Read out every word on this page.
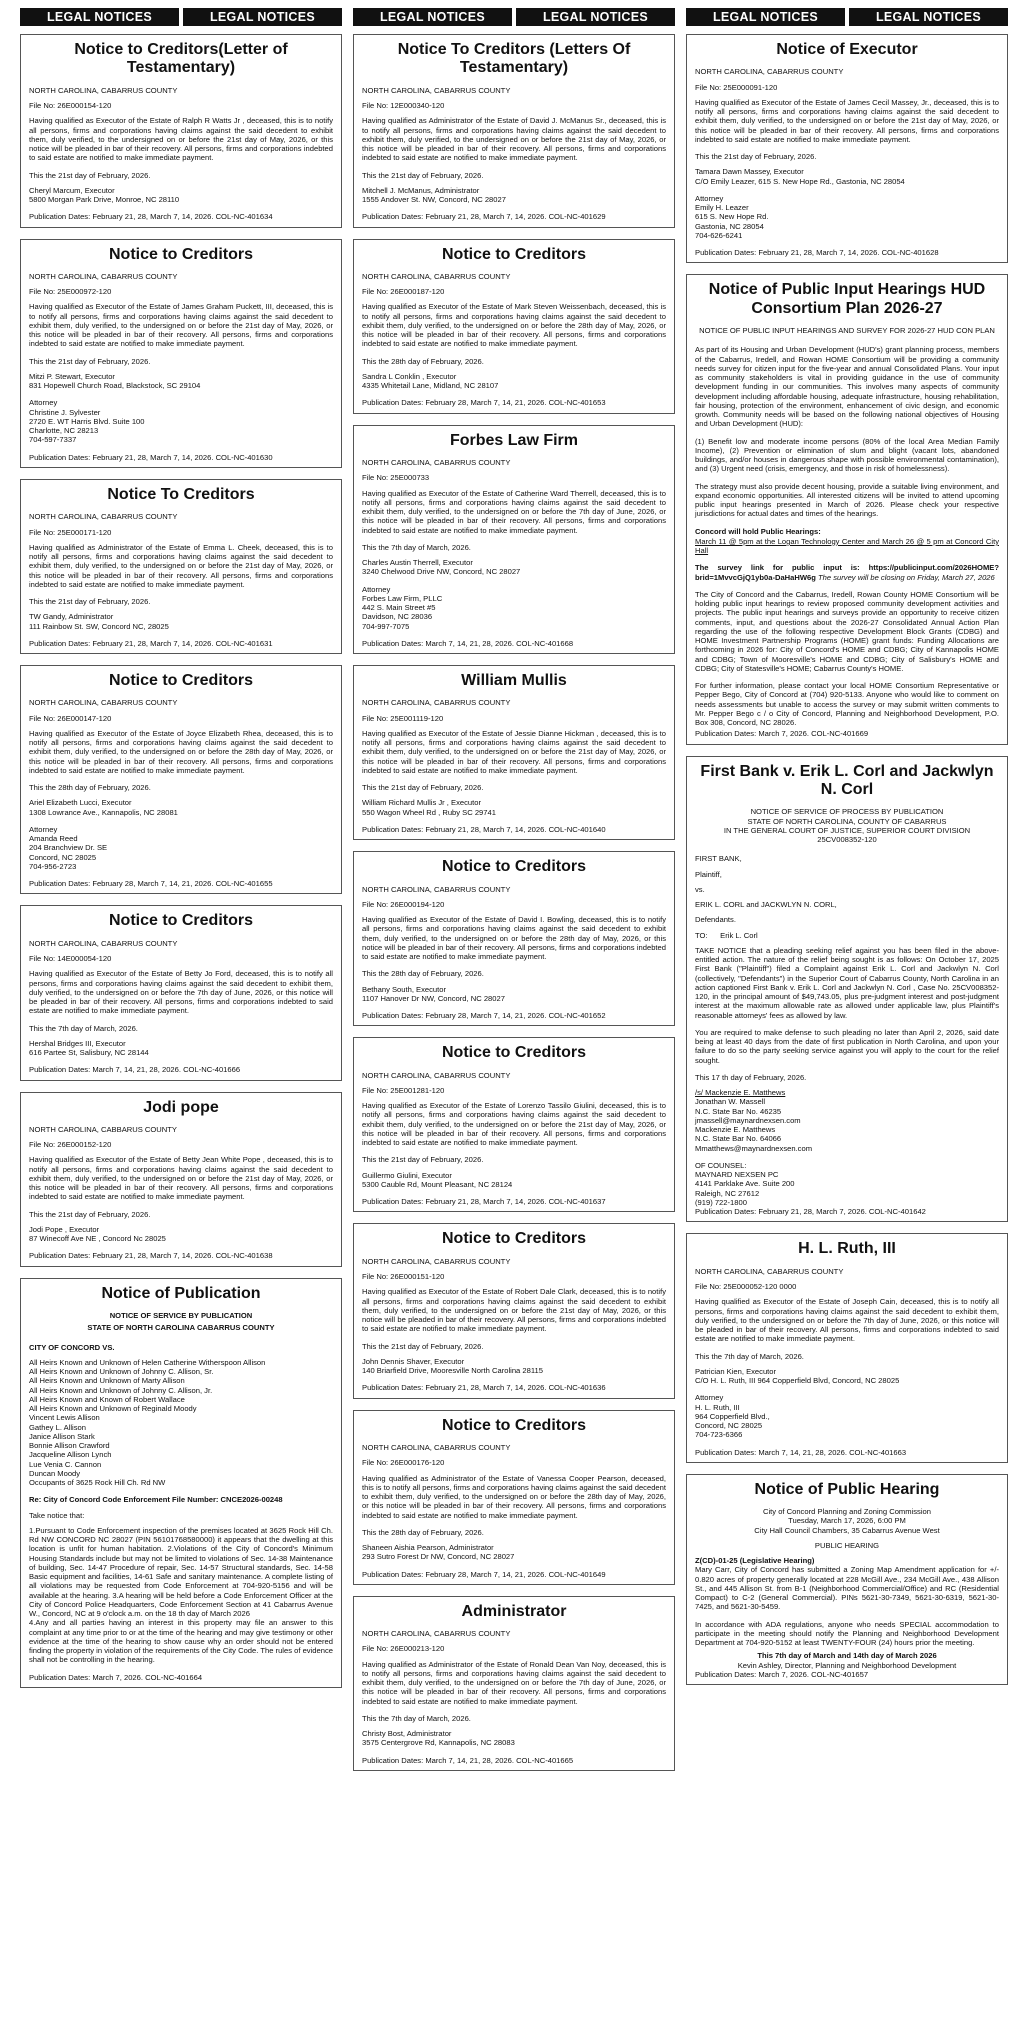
LEGAL NOTICES	LEGAL NOTICES
Notice to Creditors(Letter of Testamentary)

NORTH CAROLINA, CABARRUS COUNTY

File No: 26E000154-120

Having qualified as Executor of the Estate of Ralph R Watts Jr , deceased, this is to notify all persons, firms and corporations having claims against the said decedent to exhibit them, duly verified, to the undersigned on or before the 21st day of May, 2026, or this notice will be pleaded in bar of their recovery. All persons, firms and corporations indebted to said estate are notified to make immediate payment.

This the 21st day of February, 2026.

Cheryl Marcum, Executor
5800 Morgan Park Drive, Monroe, NC 28110

Publication Dates: February 21, 28, March 7, 14, 2026. COL-NC-401634

Notice to Creditors

NORTH CAROLINA, CABARRUS COUNTY

File No: 25E000972-120

Having qualified as Executor of the Estate of James Graham Puckett, III, deceased, this is to notify all persons, firms and corporations having claims against the said decedent to exhibit them, duly verified, to the undersigned on or before the 21st day of May, 2026, or this notice will be pleaded in bar of their recovery. All persons, firms and corporations indebted to said estate are notified to make immediate payment.

This the 21st day of February, 2026.

Mitzi P. Stewart, Executor
831 Hopewell Church Road, Blackstock, SC 29104
Attorney
Christine J. Sylvester
2720 E. WT Harris Blvd. Suite 100
Charlotte, NC 28213
704-597-7337

Publication Dates: February 21, 28, March 7, 14, 2026. COL-NC-401630

Notice To Creditors

NORTH CAROLINA, CABARRUS COUNTY

File No: 25E000171-120

Having qualified as Administrator of the Estate of Emma L. Cheek, deceased, this is to notify all persons, firms and corporations having claims against the said decedent to exhibit them, duly verified, to the undersigned on or before the 21st day of May, 2026, or this notice will be pleaded in bar of their recovery. All persons, firms and corporations indebted to said estate are notified to make immediate payment.

This the 21st day of February, 2026.

TW Gandy, Administrator
111 Rainbow St. SW, Concord NC, 28025

Publication Dates: February 21, 28, March 7, 14, 2026. COL-NC-401631

Notice to Creditors

NORTH CAROLINA, CABARRUS COUNTY

File No: 26E000147-120

Having qualified as Executor of the Estate of Joyce Elizabeth Rhea, deceased, this is to notify all persons, firms and corporations having claims against the said decedent to exhibit them, duly verified, to the undersigned on or before the 28th day of May, 2026, or this notice will be pleaded in bar of their recovery. All persons, firms and corporations indebted to said estate are notified to make immediate payment.

This the 28th day of February, 2026.

Ariel Elizabeth Lucci, Executor
1308 Lowrance Ave., Kannapolis, NC 28081
Attorney
Amanda Reed
204 Branchview Dr. SE
Concord, NC 28025
704-956-2723

Publication Dates: February 28, March 7, 14, 21, 2026. COL-NC-401655

Notice to Creditors

NORTH CAROLINA, CABARRUS COUNTY

File No: 14E000054-120

Having qualified as Executor of the Estate of Betty Jo Ford, deceased, this is to notify all persons, firms and corporations having claims against the said decedent to exhibit them, duly verified, to the undersigned on or before the 7th day of June, 2026, or this notice will be pleaded in bar of their recovery. All persons, firms and corporations indebted to said estate are notified to make immediate payment.

This the 7th day of March, 2026.

Hershal Bridges III, Executor
616 Partee St, Salisbury, NC 28144

Publication Dates: March 7, 14, 21, 28, 2026. COL-NC-401666

Jodi pope

NORTH CAROLINA, CABBARUS COUNTY

File No: 26E000152-120

Having qualified as Executor of the Estate of Betty Jean White Pope , deceased, this is to notify all persons, firms and corporations having claims against the said decedent to exhibit them, duly verified, to the undersigned on or before the 21st day of May, 2026, or this notice will be pleaded in bar of their recovery. All persons, firms and corporations indebted to said estate are notified to make immediate payment.

This the 21st day of February, 2026.

Jodi Pope , Executor
87 Winecoff Ave NE , Concord Nc 28025

Publication Dates: February 21, 28, March 7, 14, 2026. COL-NC-401638

Notice of Publication

NOTICE OF SERVICE BY PUBLICATION

STATE OF NORTH CAROLINA CABARRUS COUNTY

CITY OF CONCORD VS.

All Heirs Known and Unknown of Helen Catherine Witherspoon Allison
All Heirs Known and Unknown of Johnny C. Allison, Sr.
All Heirs Known and Unknown of Marty Allison
All Heirs Known and Unknown of Johnny C. Allison, Jr.
All Heirs Known and Known of Robert Wallace
All Heirs Known and Unknown of Reginald Moody
Vincent Lewis Allison
Gathey L. Allison
Janice Allison Stark
Bonnie Allison Crawford
Jacqueline Allison Lynch
Lue Venia C. Cannon
Duncan Moody
Occupants of 3625 Rock Hill Ch. Rd NW

Re: City of Concord Code Enforcement File Number: CNCE2026-00248

Take notice that:

1.Pursuant to Code Enforcement inspection of the premises located at 3625 Rock Hill Ch. Rd NW CONCORD NC 28027 (PIN 56101768580000) it appears that the dwelling at this location is unfit for human habitation. 2.Violations of the City of Concord's Minimum Housing Standards include but may not be limited to violations of Sec. 14-38 Maintenance of building, Sec. 14-47 Procedure of repair, Sec. 14-57 Structural standards, Sec. 14-58 Basic equipment and facilities, 14-61 Safe and sanitary maintenance. A complete listing of all violations may be requested from Code Enforcement at 704-920-5156 and will be available at the hearing. 3.A hearing will be held before a Code Enforcement Officer at the City of Concord Police Headquarters, Code Enforcement Section at 41 Cabarrus Avenue W., Concord, NC at 9 o'clock a.m. on the 18 th day of March 2026
4.Any and all parties having an interest in this property may file an answer to this complaint at any time prior to or at the time of the hearing and may give testimony or other evidence at the time of the hearing to show cause why an order should not be entered finding the property in violation of the requirements of the City Code. The rules of evidence shall not be controlling in the hearing.

Publication Dates: March 7, 2026. COL-NC-401664

LEGAL NOTICES	LEGAL NOTICES
Notice To Creditors (Letters Of Testamentary)

NORTH CAROLINA, CABARRUS COUNTY

File No: 12E000340-120

Having qualified as Administrator of the Estate of David J. McManus Sr., deceased, this is to notify all persons, firms and corporations having claims against the said decedent to exhibit them, duly verified, to the undersigned on or before the 21st day of May, 2026, or this notice will be pleaded in bar of their recovery. All persons, firms and corporations indebted to said estate are notified to make immediate payment.

This the 21st day of February, 2026.

Mitchell J. McManus, Administrator
1555 Andover St. NW, Concord, NC 28027

Publication Dates: February 21, 28, March 7, 14, 2026. COL-NC-401629

Notice to Creditors

NORTH CAROLINA, CABARRUS COUNTY

File No: 26E000187-120

Having qualified as Executor of the Estate of Mark Steven Weissenbach, deceased, this is to notify all persons, firms and corporations having claims against the said decedent to exhibit them, duly verified, to the undersigned on or before the 28th day of May, 2026, or this notice will be pleaded in bar of their recovery. All persons, firms and corporations indebted to said estate are notified to make immediate payment.

This the 28th day of February, 2026.

Sandra L Conklin , Executor
4335 Whitetail Lane, Midland, NC 28107

Publication Dates: February 28, March 7, 14, 21, 2026. COL-NC-401653

Forbes Law Firm

NORTH CAROLINA, CABARRUS COUNTY

File No: 25E000733

Having qualified as Executor of the Estate of Catherine Ward Therrell, deceased, this is to notify all persons, firms and corporations having claims against the said decedent to exhibit them, duly verified, to the undersigned on or before the 7th day of June, 2026, or this notice will be pleaded in bar of their recovery. All persons, firms and corporations indebted to said estate are notified to make immediate payment.

This the 7th day of March, 2026.

Charles Austin Therrell, Executor
3240 Chelwood Drive NW, Concord, NC 28027
Attorney
Forbes Law Firm, PLLC
442 S. Main Street #5
Davidson, NC 28036
704-997-7075

Publication Dates: March 7, 14, 21, 28, 2026. COL-NC-401668

William Mullis

NORTH CAROLINA, CABARRUS COUNTY

File No: 25E001119-120

Having qualified as Executor of the Estate of Jessie Dianne Hickman , deceased, this is to notify all persons, firms and corporations having claims against the said decedent to exhibit them, duly verified, to the undersigned on or before the 21st day of May, 2026, or this notice will be pleaded in bar of their recovery. All persons, firms and corporations indebted to said estate are notified to make immediate payment.

This the 21st day of February, 2026.

William Richard Mullis Jr , Executor
550 Wagon Wheel Rd , Ruby SC 29741

Publication Dates: February 21, 28, March 7, 14, 2026. COL-NC-401640

Notice to Creditors

NORTH CAROLINA, CABARRUS COUNTY

File No: 26E000194-120

Having qualified as Executor of the Estate of David I. Bowling, deceased, this is to notify all persons, firms and corporations having claims against the said decedent to exhibit them, duly verified, to the undersigned on or before the 28th day of May, 2026, or this notice will be pleaded in bar of their recovery. All persons, firms and corporations indebted to said estate are notified to make immediate payment.

This the 28th day of February, 2026.

Bethany South, Executor
1107 Hanover Dr NW, Concord, NC 28027

Publication Dates: February 28, March 7, 14, 21, 2026. COL-NC-401652

Notice to Creditors

NORTH CAROLINA, CABARRUS COUNTY

File No: 25E001281-120

Having qualified as Executor of the Estate of Lorenzo Tassilo Giulini, deceased, this is to notify all persons, firms and corporations having claims against the said decedent to exhibit them, duly verified, to the undersigned on or before the 21st day of May, 2026, or this notice will be pleaded in bar of their recovery. All persons, firms and corporations indebted to said estate are notified to make immediate payment.

This the 21st day of February, 2026.

Guillermo Giulini, Executor
5300 Cauble Rd, Mount Pleasant, NC 28124

Publication Dates: February 21, 28, March 7, 14, 2026. COL-NC-401637

Notice to Creditors

NORTH CAROLINA, CABARRUS COUNTY

File No: 26E000151-120

Having qualified as Executor of the Estate of Robert Dale Clark, deceased, this is to notify all persons, firms and corporations having claims against the said decedent to exhibit them, duly verified, to the undersigned on or before the 21st day of May, 2026, or this notice will be pleaded in bar of their recovery. All persons, firms and corporations indebted to said estate are notified to make immediate payment.

This the 21st day of February, 2026.

John Dennis Shaver, Executor
140 Briarfield Drive, Mooresville North Carolina 28115

Publication Dates: February 21, 28, March 7, 14, 2026. COL-NC-401636

Notice to Creditors

NORTH CAROLINA, CABARRUS COUNTY

File No: 26E000176-120

Having qualified as Administrator of the Estate of Vanessa Cooper Pearson, deceased, this is to notify all persons, firms and corporations having claims against the said decedent to exhibit them, duly verified, to the undersigned on or before the 28th day of May, 2026, or this notice will be pleaded in bar of their recovery. All persons, firms and corporations indebted to said estate are notified to make immediate payment.

This the 28th day of February, 2026.

Shaneen Aishia Pearson, Administrator
293 Sutro Forest Dr NW, Concord, NC 28027

Publication Dates: February 28, March 7, 14, 21, 2026. COL-NC-401649

Administrator

NORTH CAROLINA, CABARRUS COUNTY

File No: 26E000213-120

Having qualified as Administrator of the Estate of Ronald Dean Van Noy, deceased, this is to notify all persons, firms and corporations having claims against the said decedent to exhibit them, duly verified, to the undersigned on or before the 7th day of June, 2026, or this notice will be pleaded in bar of their recovery. All persons, firms and corporations indebted to said estate are notified to make immediate payment.

This the 7th day of March, 2026.

Christy Bost, Administrator
3575 Centergrove Rd, Kannapolis, NC 28083

Publication Dates: March 7, 14, 21, 28, 2026. COL-NC-401665

LEGAL NOTICES	LEGAL NOTICES
Notice of Executor

NORTH CAROLINA, CABARRUS COUNTY

File No: 25E000091-120

Having qualified as Executor of the Estate of James Cecil Massey, Jr., deceased, this is to notify all persons, firms and corporations having claims against the said decedent to exhibit them, duly verified, to the undersigned on or before the 21st day of May, 2026, or this notice will be pleaded in bar of their recovery. All persons, firms and corporations indebted to said estate are notified to make immediate payment.

This the 21st day of February, 2026.

Tamara Dawn Massey, Executor
C/O Emily Leazer, 615 S. New Hope Rd., Gastonia, NC 28054
Attorney
Emily H. Leazer
615 S. New Hope Rd.
Gastonia, NC 28054
704-626-6241

Publication Dates: February 21, 28, March 7, 14, 2026. COL-NC-401628

Notice of Public Input Hearings HUD Consortium Plan 2026-27

NOTICE OF PUBLIC INPUT HEARINGS AND SURVEY FOR 2026-27 HUD CON PLAN

As part of its Housing and Urban Development (HUD's) grant planning process, members of the Cabarrus, Iredell, and Rowan HOME Consortium will be providing a community needs survey for citizen input for the five-year and annual Consolidated Plans. Your input as community stakeholders is vital in providing guidance in the use of community development funding in our communities. This involves many aspects of community development including affordable housing, adequate infrastructure, housing rehabilitation, fair housing, protection of the environment, enhancement of civic design, and economic growth. Community needs will be based on the following national objectives of Housing and Urban Development (HUD):

(1) Benefit low and moderate income persons (80% of the local Area Median Family Income), (2) Prevention or elimination of slum and blight (vacant lots, abandoned buildings, and/or houses in dangerous shape with possible environmental contamination), and (3) Urgent need (crisis, emergency, and those in risk of homelessness).

The strategy must also provide decent housing, provide a suitable living environment, and expand economic opportunities. All interested citizens will be invited to attend upcoming public input hearings presented in March of 2026. Please check your respective jurisdictions for actual dates and times of the hearings.

Concord will hold Public Hearings:

March 11 @ 5pm at the Logan Technology Center and March 26 @ 5 pm at Concord City Hall

The survey link for public input is: https://publicinput.com/2026HOME?brid=1MvvcGjQ1yb0a-DaHaHW6g The survey will be closing on Friday, March 27, 2026

The City of Concord and the Cabarrus, Iredell, Rowan County HOME Consortium will be holding public input hearings to review proposed community development activities and projects. The public input hearings and surveys provide an opportunity to receive citizen comments, input, and questions about the 2026-27 Consolidated Annual Action Plan regarding the use of the following respective Development Block Grants (CDBG) and HOME Investment Partnership Programs (HOME) grant funds: Funding Allocations are forthcoming in 2026 for: City of Concord's HOME and CDBG; City of Kannapolis HOME and CDBG; Town of Mooresville's HOME and CDBG; City of Salisbury's HOME and CDBG; City of Statesville's HOME; Cabarrus County's HOME.

For further information, please contact your local HOME Consortium Representative or Pepper Bego, City of Concord at (704) 920-5133. Anyone who would like to comment on needs assessments but unable to access the survey or may submit written comments to Mr. Pepper Bego c / o City of Concord, Planning and Neighborhood Development, P.O. Box 308, Concord, NC 28026.

Publication Dates: March 7, 2026. COL-NC-401669

First Bank v. Erik L. Corl and Jackwlyn N. Corl

NOTICE OF SERVICE OF PROCESS BY PUBLICATION

STATE OF NORTH CAROLINA, COUNTY OF CABARRUS

IN THE GENERAL COURT OF JUSTICE, SUPERIOR COURT DIVISION

25CV008352-120

FIRST BANK,

Plaintiff,

vs.

ERIK L. CORL and JACKWLYN N. CORL,

Defendants.

TO:      Erik L. Corl

TAKE NOTICE that a pleading seeking relief against you has been filed in the above-entitled action. The nature of the relief being sought is as follows: On October 17, 2025 First Bank ("Plaintiff") filed a Complaint against Erik L. Corl and Jackwlyn N. Corl (collectively, "Defendants") in the Superior Court of Cabarrus County, North Carolina in an action captioned First Bank v. Erik L. Corl and Jackwlyn N. Corl , Case No. 25CV008352-120, in the principal amount of $49,743.05, plus pre-judgment interest and post-judgment interest at the maximum allowable rate as allowed under applicable law, plus Plaintiff's reasonable attorneys' fees as allowed by law.

You are required to make defense to such pleading no later than April 2, 2026, said date being at least 40 days from the date of first publication in North Carolina, and upon your failure to do so the party seeking service against you will apply to the court for the relief sought.

This 17 th day of February, 2026.

/s/ Mackenzie E. Matthews

Jonathan W. Massell
N.C. State Bar No. 46235
jmassell@maynardnexsen.com
Mackenzie E. Matthews
N.C. State Bar No. 64066
Mmatthews@maynardnexsen.com
OF COUNSEL:
MAYNARD NEXSEN PC
4141 Parklake Ave. Suite 200
Raleigh, NC 27612
(919) 722-1800

Publication Dates: February 21, 28, March 7, 2026. COL-NC-401642

H. L. Ruth, III

NORTH CAROLINA, CABARRUS COUNTY

File No: 25E000052-120 0000

Having qualified as Executor of the Estate of Joseph Cain, deceased, this is to notify all persons, firms and corporations having claims against the said decedent to exhibit them, duly verified, to the undersigned on or before the 7th day of June, 2026, or this notice will be pleaded in bar of their recovery. All persons, firms and corporations indebted to said estate are notified to make immediate payment.

This the 7th day of March, 2026.

Patrician Kien, Executor
C/O H. L. Ruth, III 964 Copperfield Blvd, Concord, NC 28025
Attorney
H. L. Ruth, III
964 Copperfield Blvd.,
Concord, NC 28025
704-723-6366

Publication Dates: March 7, 14, 21, 28, 2026. COL-NC-401663

Notice of Public Hearing

City of Concord Planning and Zoning Commission

Tuesday, March 17, 2026, 6:00 PM

City Hall Council Chambers, 35 Cabarrus Avenue West

PUBLIC HEARING

Z(CD)-01-25 (Legislative Hearing)

Mary Carr, City of Concord has submitted a Zoning Map Amendment application for +/- 0.820 acres of property generally located at 228 McGill Ave., 234 McGill Ave., 438 Allison St., and 445 Allison St. from B-1 (Neighborhood Commercial/Office) and RC (Residential Compact) to C-2 (General Commercial). PINs 5621-30-7349, 5621-30-6319, 5621-30-7425, and 5621-30-5459.

In accordance with ADA regulations, anyone who needs SPECIAL accommodation to participate in the meeting should notify the Planning and Neighborhood Development Department at 704-920-5152 at least TWENTY-FOUR (24) hours prior the meeting.

This 7th day of March and 14th day of March 2026

Kevin Ashley, Director, Planning and Neighborhood Development

Publication Dates: March 7, 2026. COL-NC-401657
